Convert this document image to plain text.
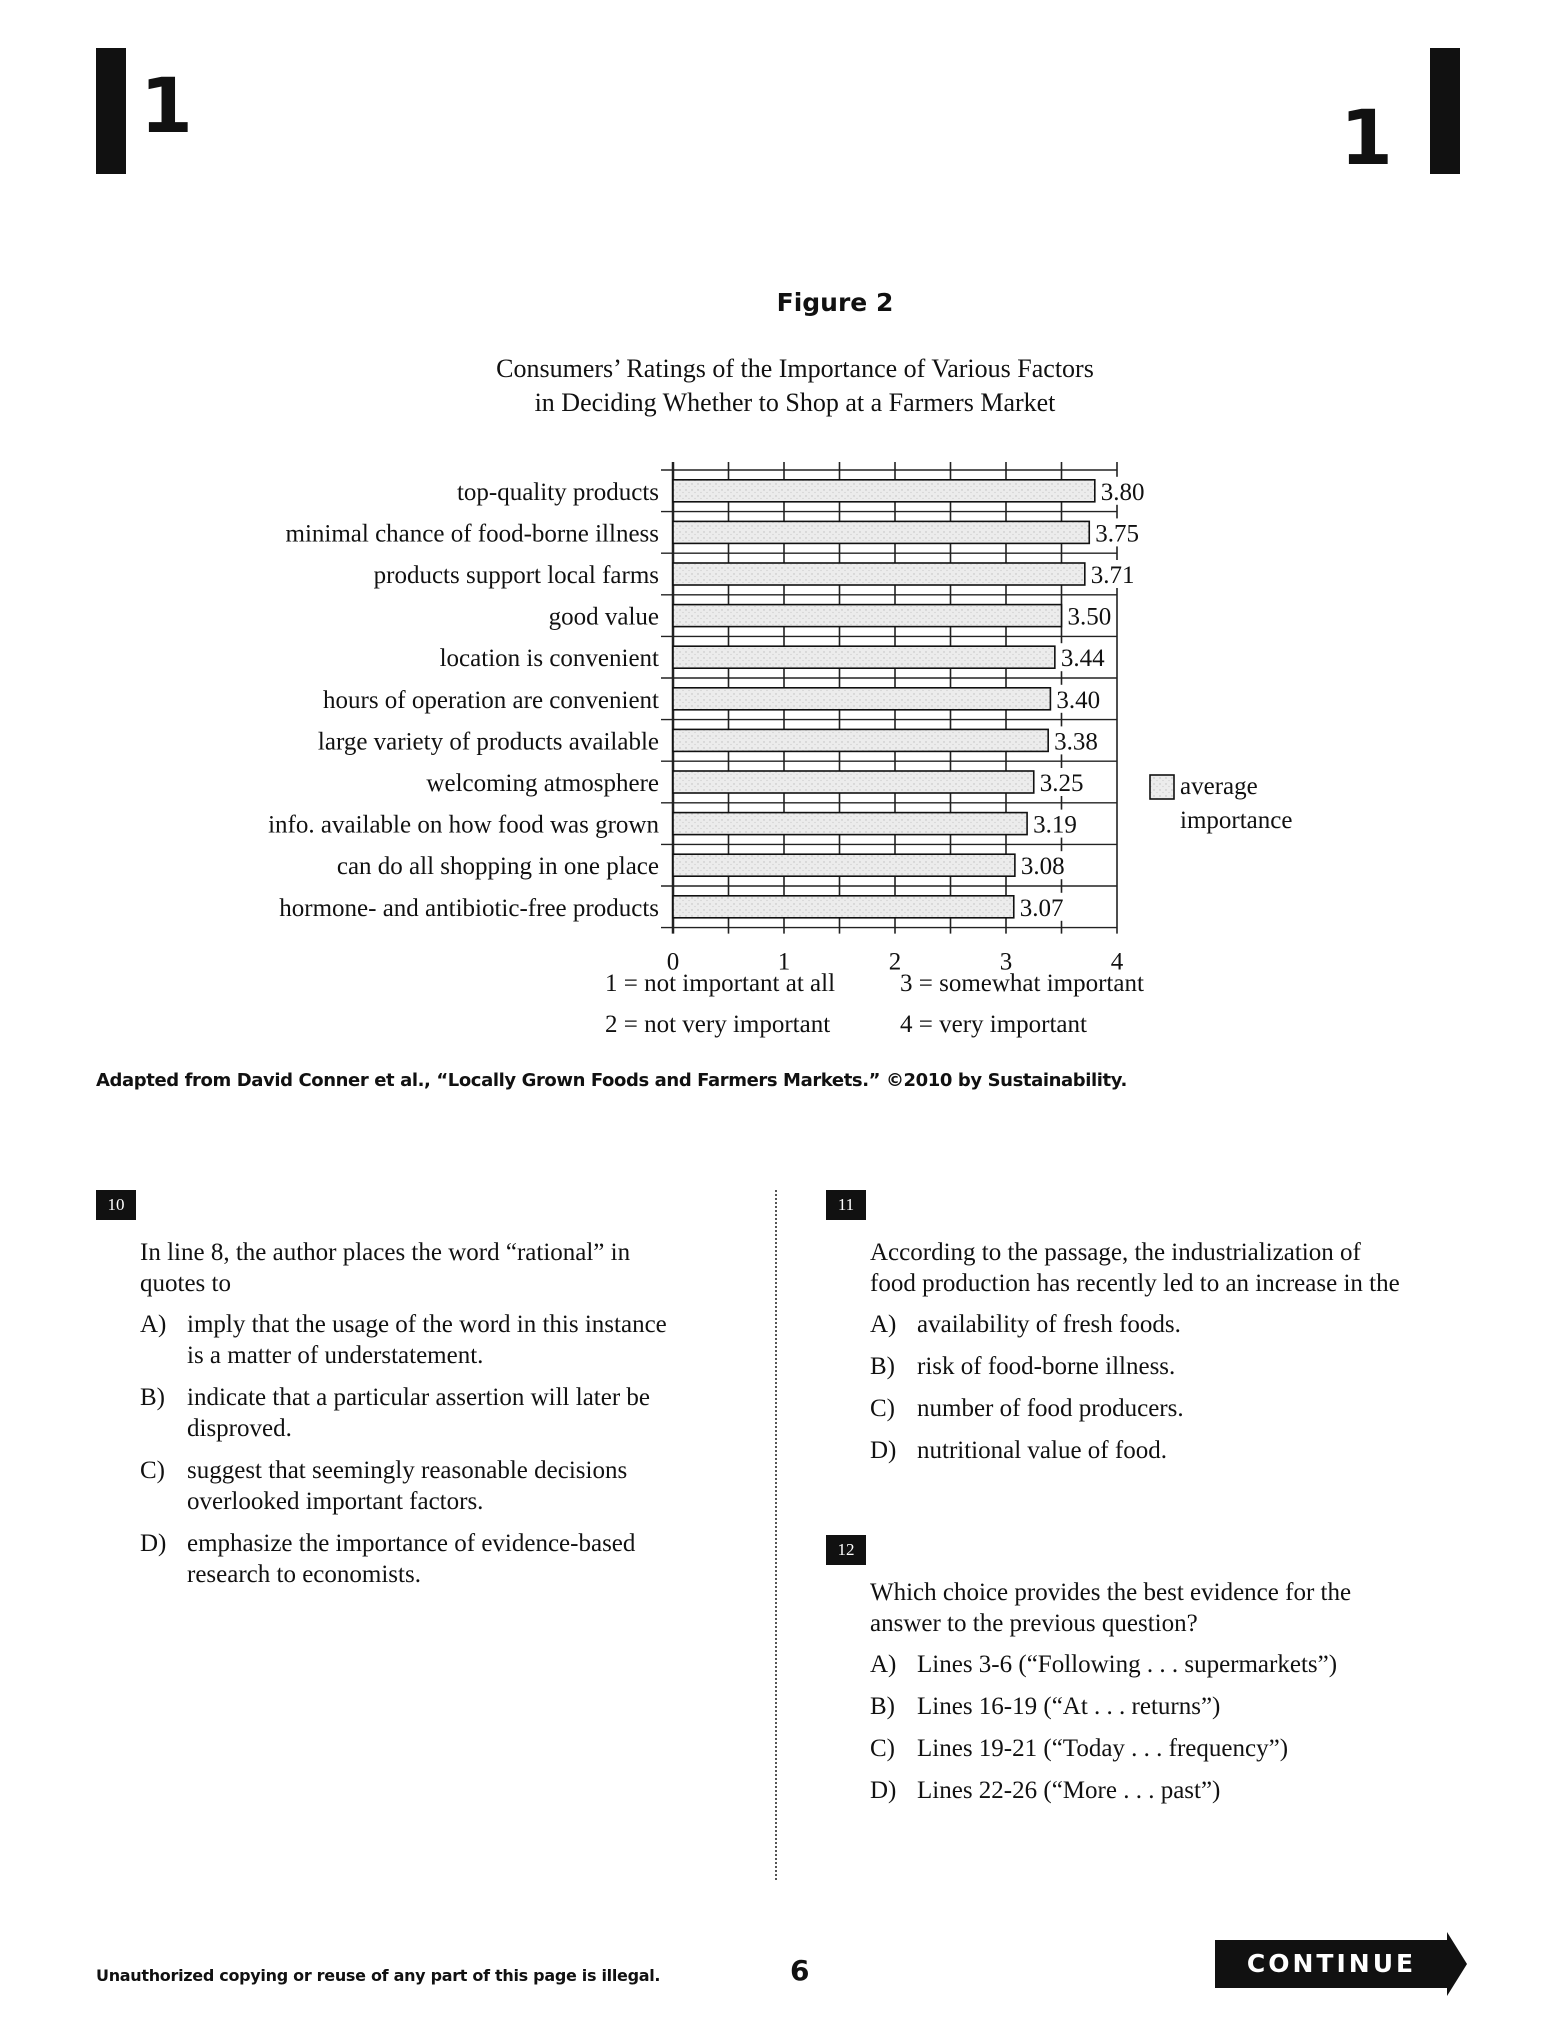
1	1
Figure 2
Consumers’ Ratings of the Importance of Various Factors
in Deciding Whether to Shop at a Farmers Market
top-quality products	3.80
minimal chance of food-borne illness	3.75
products support local farms	3.71
good value	3.50
location is convenient	3.44
hours of operation are convenient	3.40
large variety of products available	3.38
welcoming atmosphere	3.25
info. available on how food was grown	3.19
can do all shopping in one place	3.08
hormone- and antibiotic-free products	3.07
0	1	2	3	4
average
importance
1 = not important at all	3 = somewhat important
2 = not very important	4 = very important
Adapted from David Conner et al., “Locally Grown Foods and Farmers Markets.” ©2010 by Sustainability.
10
In line 8, the author places the word “rational” in
quotes to
A) imply that the usage of the word in this instance
is a matter of understatement.
B) indicate that a particular assertion will later be
disproved.
C) suggest that seemingly reasonable decisions
overlooked important factors.
D) emphasize the importance of evidence-based
research to economists.
11
According to the passage, the industrialization of
food production has recently led to an increase in the
A) availability of fresh foods.
B) risk of food-borne illness.
C) number of food producers.
D) nutritional value of food.
12
Which choice provides the best evidence for the
answer to the previous question?
A) Lines 3-6 (“Following . . . supermarkets”)
B) Lines 16-19 (“At . . . returns”)
C) Lines 19-21 (“Today . . . frequency”)
D) Lines 22-26 (“More . . . past”)
Unauthorized copying or reuse of any part of this page is illegal.	6	CONTINUE
